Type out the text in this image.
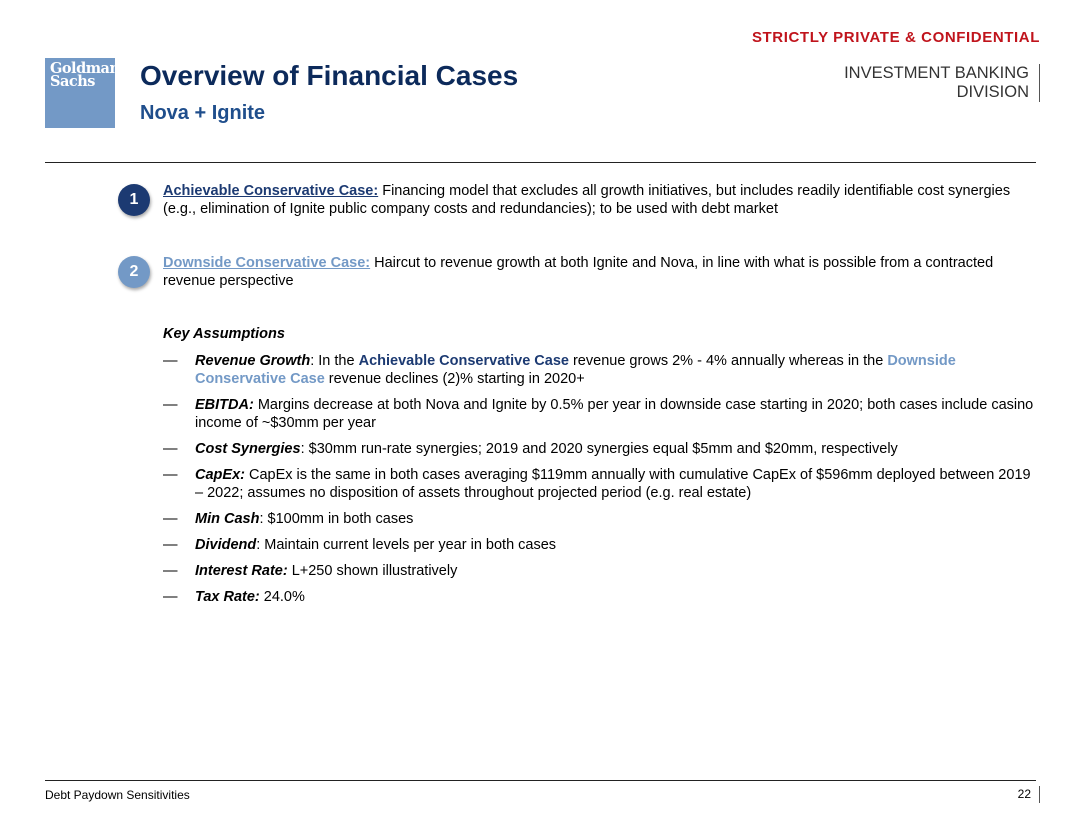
STRICTLY PRIVATE & CONFIDENTIAL
Goldman
Sachs	Overview of Financial Cases
Nova + Ignite
INVESTMENT BANKING
DIVISION
1	Achievable Conservative Case: Financing model that excludes all growth initiatives, but includes readily identifiable cost synergies (e.g., elimination of Ignite public company costs and redundancies); to be used with debt market
2	Downside Conservative Case: Haircut to revenue growth at both Ignite and Nova, in line with what is possible from a contracted revenue perspective
Key Assumptions
— Revenue Growth: In the Achievable Conservative Case revenue grows 2% - 4% annually whereas in the Downside Conservative Case revenue declines (2)% starting in 2020+
— EBITDA: Margins decrease at both Nova and Ignite by 0.5% per year in downside case starting in 2020; both cases include casino income of ~$30mm per year
— Cost Synergies: $30mm run-rate synergies; 2019 and 2020 synergies equal $5mm and $20mm, respectively
— CapEx: CapEx is the same in both cases averaging $119mm annually with cumulative CapEx of $596mm deployed between 2019 – 2022; assumes no disposition of assets throughout projected period (e.g. real estate)
— Min Cash: $100mm in both cases
— Dividend: Maintain current levels per year in both cases
— Interest Rate: L+250 shown illustratively
— Tax Rate: 24.0%
Debt Paydown Sensitivities	22
